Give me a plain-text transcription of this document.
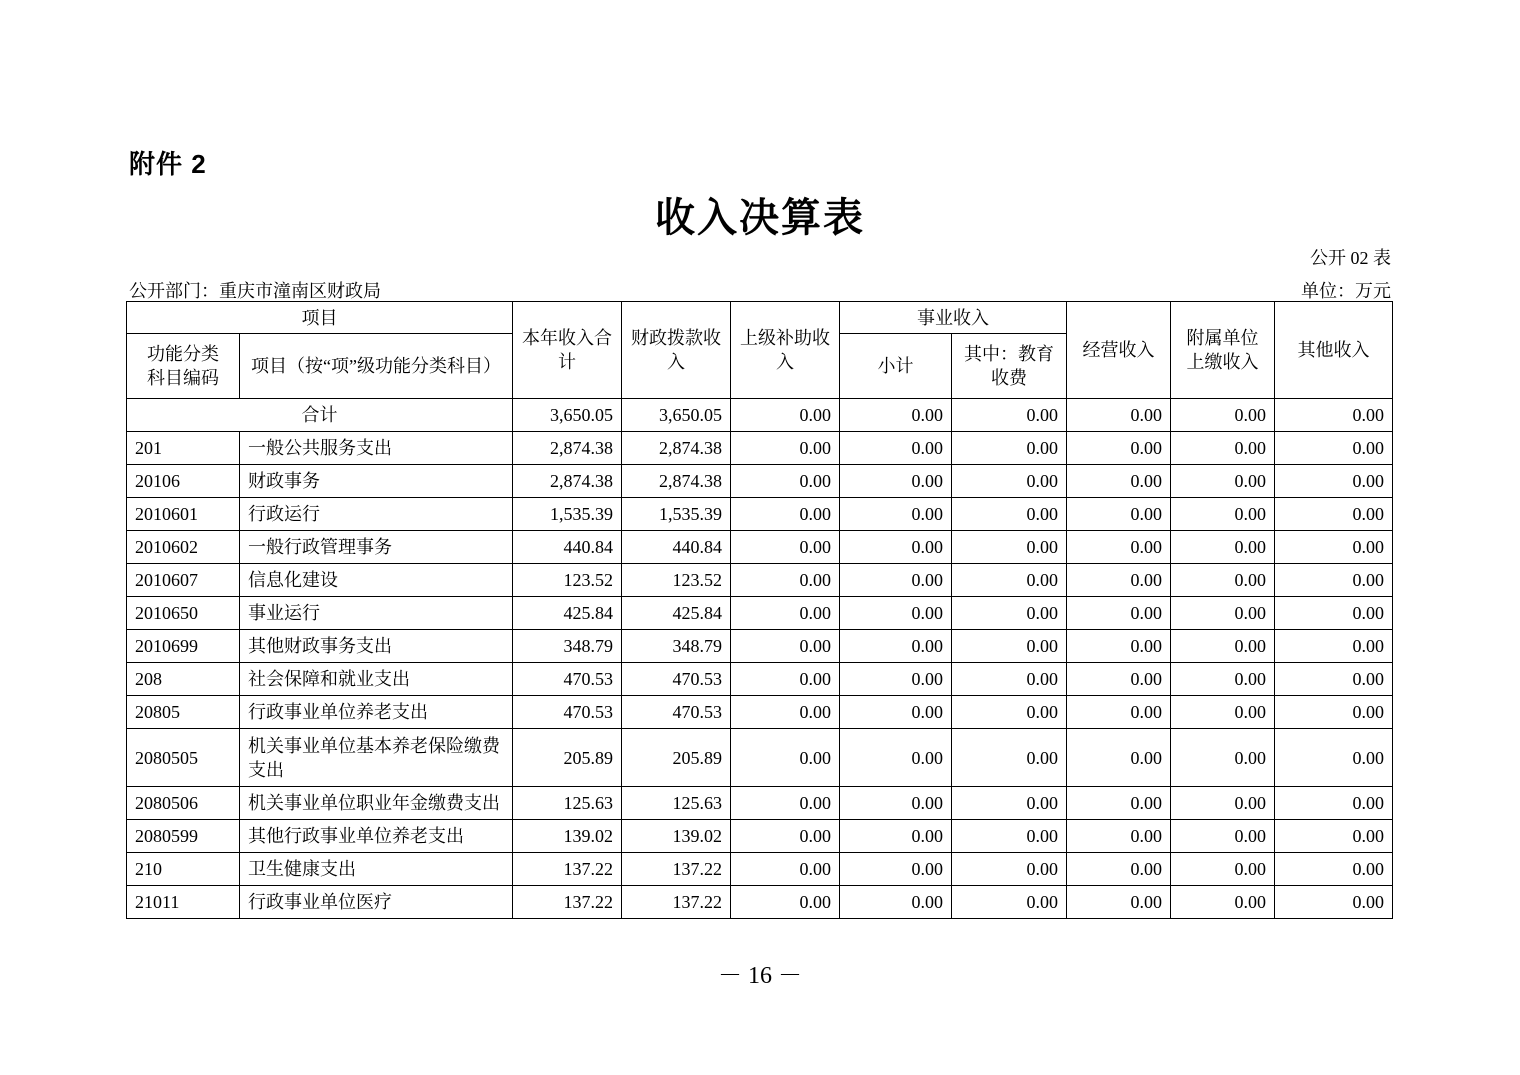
附件 2
收入决算表
公开 02 表
公开部门：重庆市潼南区财政局	单位：万元
项目		本年收入合计	财政拨款收入	上级补助收入	事业收入		经营收入	附属单位上缴收入	其他收入
功能分类科目编码	项目（按“项”级功能分类科目）				小计	其中：教育收费			
合计		3,650.05	3,650.05	0.00	0.00	0.00	0.00	0.00	0.00
201	一般公共服务支出	2,874.38	2,874.38	0.00	0.00	0.00	0.00	0.00	0.00
20106	财政事务	2,874.38	2,874.38	0.00	0.00	0.00	0.00	0.00	0.00
2010601	行政运行	1,535.39	1,535.39	0.00	0.00	0.00	0.00	0.00	0.00
2010602	一般行政管理事务	440.84	440.84	0.00	0.00	0.00	0.00	0.00	0.00
2010607	信息化建设	123.52	123.52	0.00	0.00	0.00	0.00	0.00	0.00
2010650	事业运行	425.84	425.84	0.00	0.00	0.00	0.00	0.00	0.00
2010699	其他财政事务支出	348.79	348.79	0.00	0.00	0.00	0.00	0.00	0.00
208	社会保障和就业支出	470.53	470.53	0.00	0.00	0.00	0.00	0.00	0.00
20805	行政事业单位养老支出	470.53	470.53	0.00	0.00	0.00	0.00	0.00	0.00
2080505	机关事业单位基本养老保险缴费支出	205.89	205.89	0.00	0.00	0.00	0.00	0.00	0.00
2080506	机关事业单位职业年金缴费支出	125.63	125.63	0.00	0.00	0.00	0.00	0.00	0.00
2080599	其他行政事业单位养老支出	139.02	139.02	0.00	0.00	0.00	0.00	0.00	0.00
210	卫生健康支出	137.22	137.22	0.00	0.00	0.00	0.00	0.00	0.00
21011	行政事业单位医疗	137.22	137.22	0.00	0.00	0.00	0.00	0.00	0.00
－ 16 －
